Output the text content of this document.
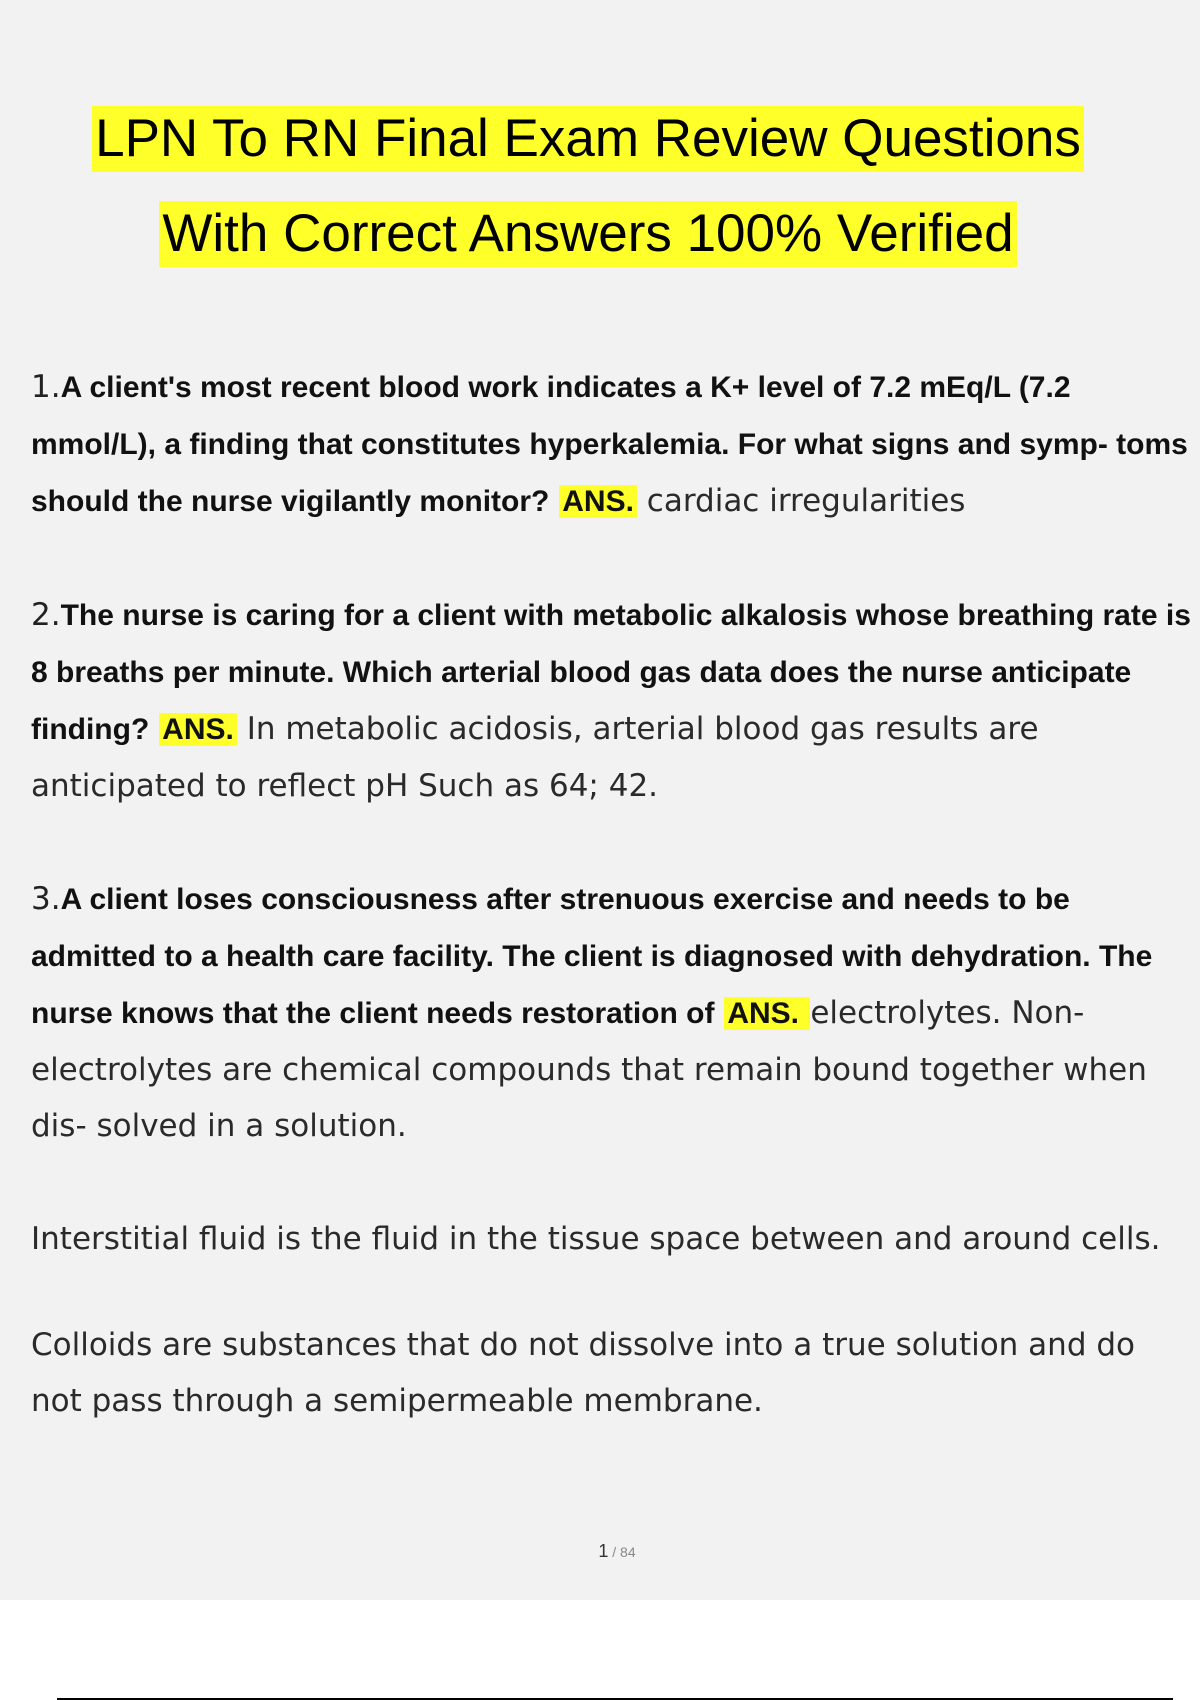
LPN To RN Final Exam Review Questions
With Correct Answers 100% Verified

1.A client's most recent blood work indicates a K+ level of 7.2 mEq/L (7.2 mmol/L), a finding that constitutes hyperkalemia. For what signs and symp- toms should the nurse vigilantly monitor? ANS. cardiac irregularities

2.The nurse is caring for a client with metabolic alkalosis whose breathing rate is 8 breaths per minute. Which arterial blood gas data does the nurse anticipate finding? ANS. In metabolic acidosis, arterial blood gas results are anticipated to reflect pH Such as 64; 42.

3.A client loses consciousness after strenuous exercise and needs to be admitted to a health care facility. The client is diagnosed with dehydration. The nurse knows that the client needs restoration of ANS. electrolytes. Non-electrolytes are chemical compounds that remain bound together when dis- solved in a solution.

Interstitial fluid is the fluid in the tissue space between and around cells.

Colloids are substances that do not dissolve into a true solution and do not pass through a semipermeable membrane.

1 / 84
